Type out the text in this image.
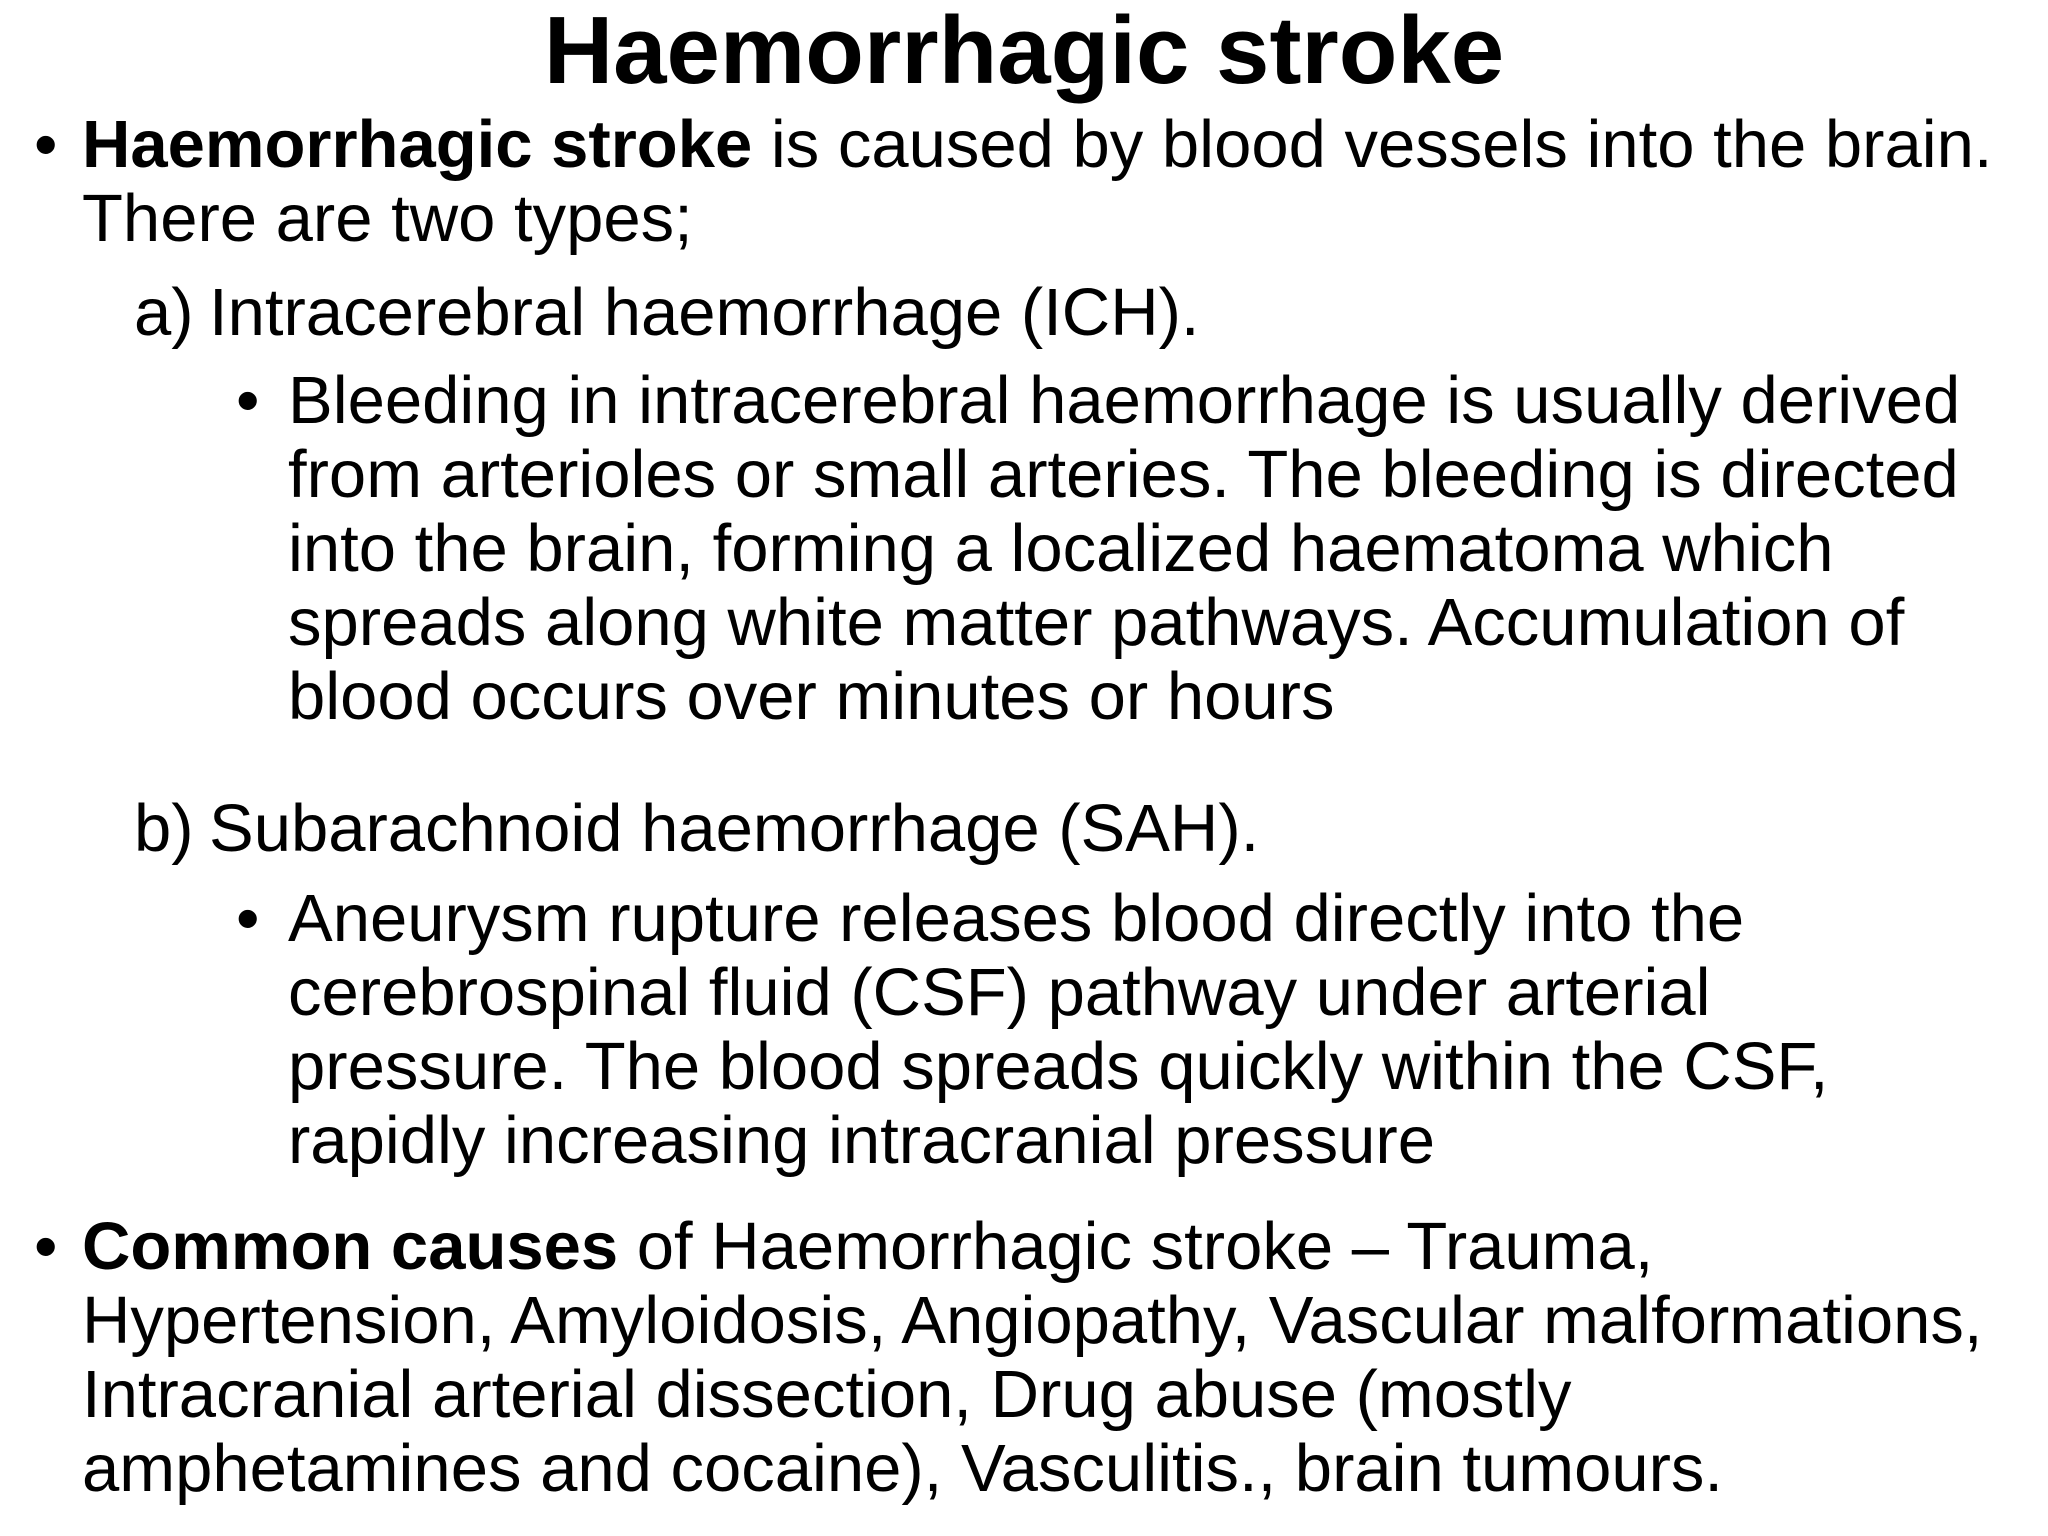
Haemorrhagic stroke
• Haemorrhagic stroke is caused by blood vessels into the brain.
There are two types;
a) Intracerebral haemorrhage (ICH).
• Bleeding in intracerebral haemorrhage is usually derived
from arterioles or small arteries. The bleeding is directed
into the brain, forming a localized haematoma which
spreads along white matter pathways. Accumulation of
blood occurs over minutes or hours
b) Subarachnoid haemorrhage (SAH).
• Aneurysm rupture releases blood directly into the
cerebrospinal fluid (CSF) pathway under arterial
pressure. The blood spreads quickly within the CSF,
rapidly increasing intracranial pressure
• Common causes of Haemorrhagic stroke – Trauma,
Hypertension, Amyloidosis, Angiopathy, Vascular malformations,
Intracranial arterial dissection, Drug abuse (mostly
amphetamines and cocaine), Vasculitis., brain tumours.
